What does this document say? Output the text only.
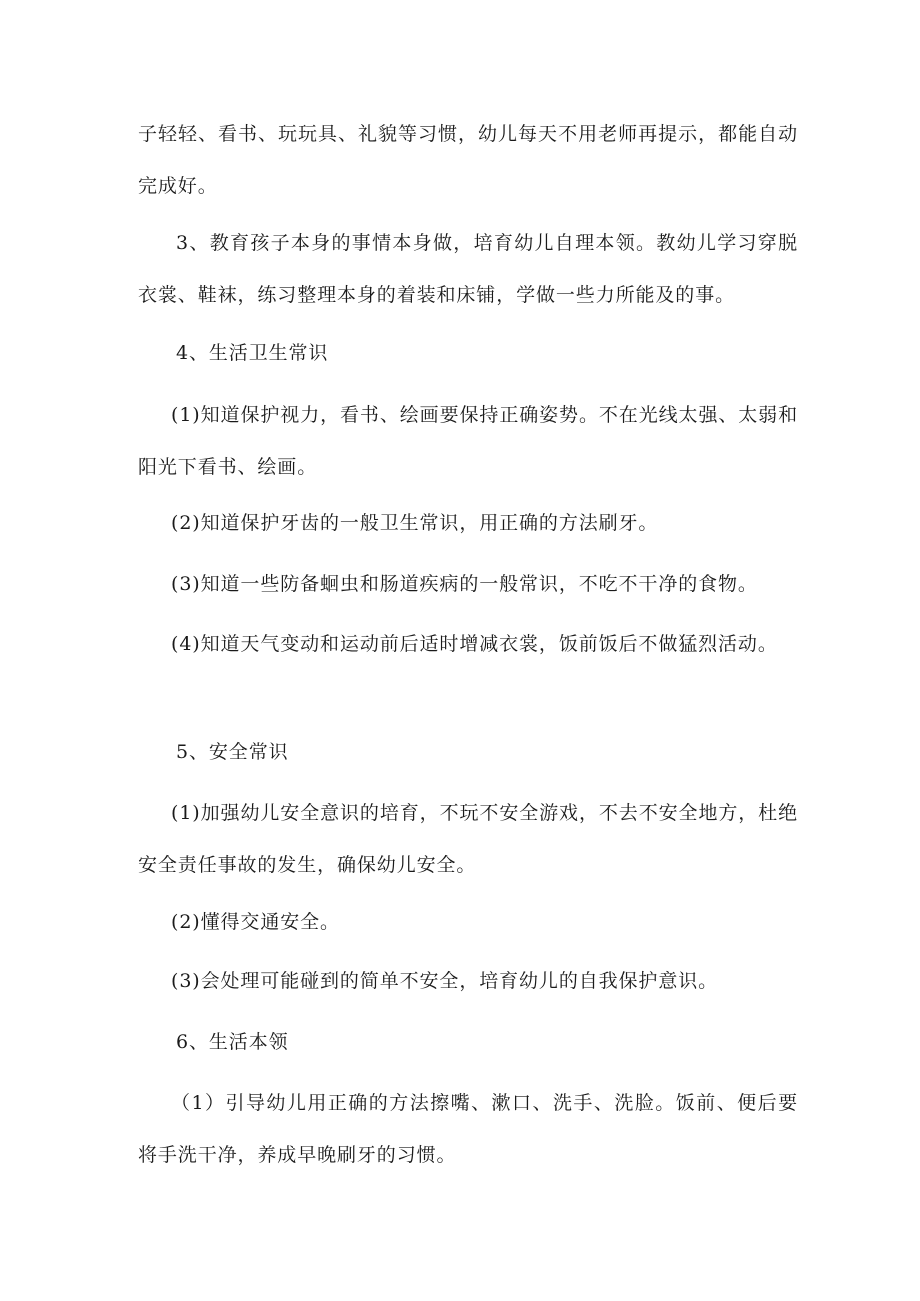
子轻轻、看书、玩玩具、礼貌等习惯，幼儿每天不用老师再提示，都能自动完成好。

3、教育孩子本身的事情本身做，培育幼儿自理本领。教幼儿学习穿脱衣裳、鞋袜，练习整理本身的着装和床铺，学做一些力所能及的事。

4、生活卫生常识

(1)知道保护视力，看书、绘画要保持正确姿势。不在光线太强、太弱和阳光下看书、绘画。

(2)知道保护牙齿的一般卫生常识，用正确的方法刷牙。

(3)知道一些防备蛔虫和肠道疾病的一般常识，不吃不干净的食物。

(4)知道天气变动和运动前后适时增减衣裳，饭前饭后不做猛烈活动。

5、安全常识

(1)加强幼儿安全意识的培育，不玩不安全游戏，不去不安全地方，杜绝安全责任事故的发生，确保幼儿安全。

(2)懂得交通安全。

(3)会处理可能碰到的简单不安全，培育幼儿的自我保护意识。

6、生活本领

（1）引导幼儿用正确的方法擦嘴、漱口、洗手、洗脸。饭前、便后要将手洗干净，养成早晚刷牙的习惯。
